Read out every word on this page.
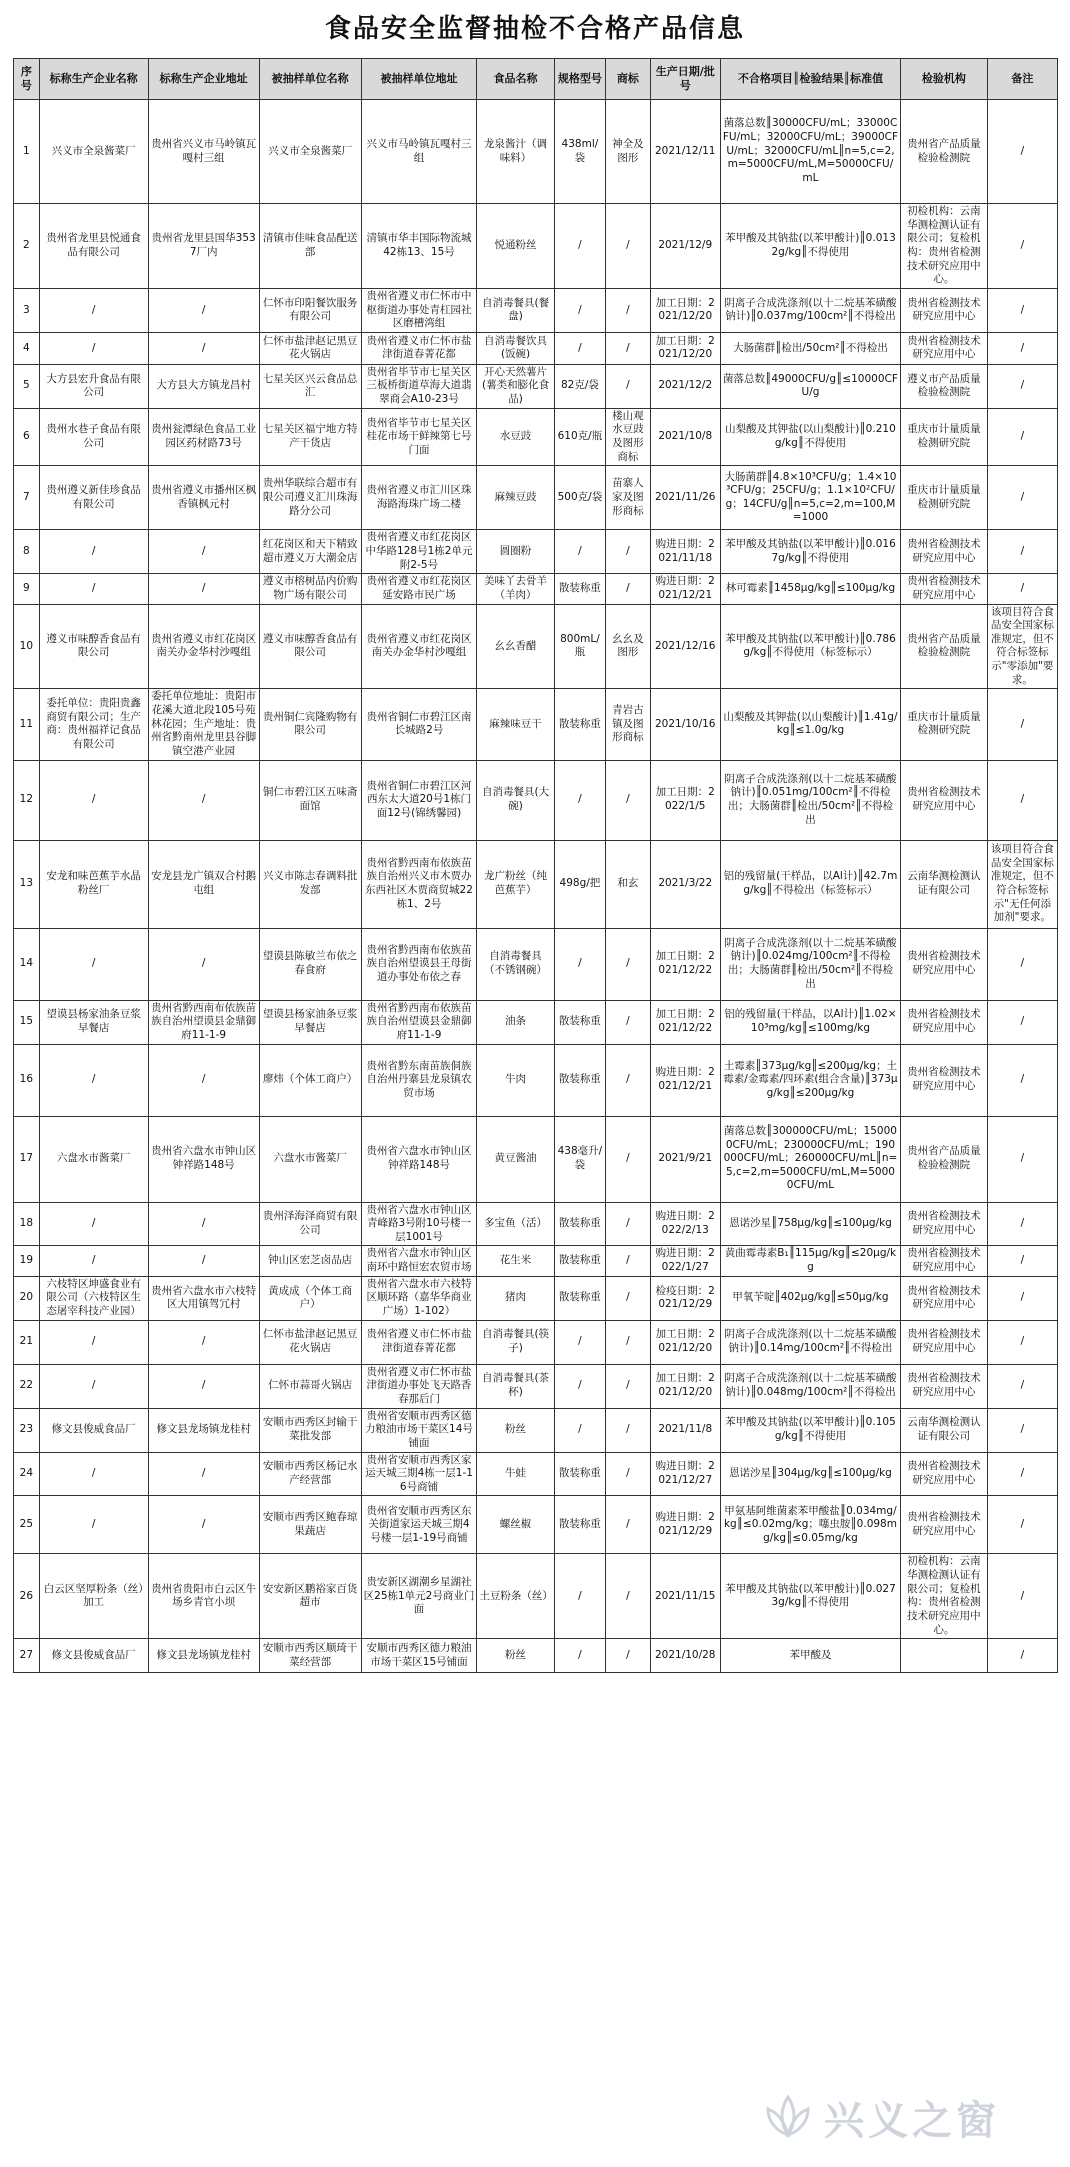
食品安全监督抽检不合格产品信息
序号	标称生产企业名称	标称生产企业地址	被抽样单位名称	被抽样单位地址	食品名称	规格型号	商标	生产日期/批号	不合格项目║检验结果║标准值	检验机构	备注
1	兴义市全泉酱菜厂	贵州省兴义市马岭镇瓦嘎村三组	兴义市全泉酱菜厂	兴义市马岭镇瓦嘎村三组	龙泉酱汁（调味料）	438ml/袋	神全及图形	2021/12/11	菌落总数║30000CFU/mL；33000CFU/mL；32000CFU/mL；39000CFU/mL；32000CFU/mL║n=5,c=2,m=5000CFU/mL,M=50000CFU/mL	贵州省产品质量检验检测院	/
2	贵州省龙里县悦通食品有限公司	贵州省龙里县国华3537厂内	清镇市佳味食品配送部	清镇市华丰国际物流城42栋13、15号	悦通粉丝	/	/	2021/12/9	苯甲酸及其钠盐(以苯甲酸计)║0.0132g/kg║不得使用	初检机构：云南华测检测认证有限公司；复检机构：贵州省检测技术研究应用中心。	/
3	/	/	仁怀市印阳餐饮服务有限公司	贵州省遵义市仁怀市中枢街道办事处青杠园社区磨槽湾组	自消毒餐具(餐盘)	/	/	加工日期：2021/12/20	阴离子合成洗涤剂(以十二烷基苯磺酸钠计)║0.037mg/100cm²║不得检出	贵州省检测技术研究应用中心	/
4	/	/	仁怀市盐津赵记黑豆花火锅店	贵州省遵义市仁怀市盐津街道春菁花都	自消毒餐饮具(饭碗)	/	/	加工日期：2021/12/20	大肠菌群║检出/50cm²║不得检出	贵州省检测技术研究应用中心	/
5	大方县宏升食品有限公司	大方县大方镇龙昌村	七星关区兴云食品总汇	贵州省毕节市七星关区三板桥街道草海大道翡翠商会A10-23号	开心天然薯片(薯类和膨化食品)	82克/袋	/	2021/12/2	菌落总数║49000CFU/g║≤10000CFU/g	遵义市产品质量检验检测院	/
6	贵州水巷子食品有限公司	贵州瓮潭绿色食品工业园区药材路73号	七星关区福宁地方特产干货店	贵州省毕节市七星关区桂花市场干鲜辣第七号门面	水豆豉	610克/瓶	楼山观水豆豉及图形商标	2021/10/8	山梨酸及其钾盐(以山梨酸计)║0.210g/kg║不得使用	重庆市计量质量检测研究院	/
7	贵州遵义新佳珍食品有限公司	贵州省遵义市播州区枫香镇枫元村	贵州华联综合超市有限公司遵义汇川珠海路分公司	贵州省遵义市汇川区珠海路海珠广场二楼	麻辣豆豉	500克/袋	苗寨人家及图形商标	2021/11/26	大肠菌群║4.8×10³CFU/g；1.4×10³CFU/g；25CFU/g；1.1×10²CFU/g；14CFU/g║n=5,c=2,m=100,M=1000	重庆市计量质量检测研究院	/
8	/	/	红花岗区和天下精致超市遵义万大潮金店	贵州省遵义市红花岗区中华路128号1栋2单元附2-5号	圆圈粉	/	/	购进日期：2021/11/18	苯甲酸及其钠盐(以苯甲酸计)║0.0167g/kg║不得使用	贵州省检测技术研究应用中心	/
9	/	/	遵义市榕树品内价购物广场有限公司	贵州省遵义市红花岗区延安路市民广场	美味丫去骨羊（羊肉）	散装称重	/	购进日期：2021/12/21	林可霉素║1458μg/kg║≤100μg/kg	贵州省检测技术研究应用中心	/
10	遵义市味醇香食品有限公司	贵州省遵义市红花岗区南关办金华村沙嘎组	遵义市味醇香食品有限公司	贵州省遵义市红花岗区南关办金华村沙嘎组	幺幺香醋	800mL/瓶	幺幺及图形	2021/12/16	苯甲酸及其钠盐(以苯甲酸计)║0.786g/kg║不得使用（标签标示）	贵州省产品质量检验检测院	该项目符合食品安全国家标准规定，但不符合标签标示"零添加"要求。
11	委托单位：贵阳贵鑫商贸有限公司；生产商：贵州福祥记食品有限公司	委托单位地址：贵阳市花溪大道北段105号苑林花园；生产地址：贵州省黔南州龙里县谷脚镇空港产业园	贵州铜仁宾隆购物有限公司	贵州省铜仁市碧江区南长城路2号	麻辣味豆干	散装称重	青岩古镇及图形商标	2021/10/16	山梨酸及其钾盐(以山梨酸计)║1.41g/kg║≤1.0g/kg	重庆市计量质量检测研究院	/
12	/	/	铜仁市碧江区五味斋面馆	贵州省铜仁市碧江区河西东太大道20号1栋门面12号(锦绣馨园)	自消毒餐具(大碗)	/	/	加工日期：2022/1/5	阴离子合成洗涤剂(以十二烷基苯磺酸钠计)║0.051mg/100cm²║不得检出；大肠菌群║检出/50cm²║不得检出	贵州省检测技术研究应用中心	/
13	安龙和味芭蕉芋水晶粉丝厂	安龙县龙广镇双合村鹅屯组	兴义市陈志春调料批发部	贵州省黔西南布依族苗族自治州兴义市木贾办东西社区木贾商贸城22栋1、2号	龙广粉丝（纯芭蕉芋）	498g/把	和玄	2021/3/22	铝的残留量(干样品，以Al计)║42.7mg/kg║不得检出（标签标示）	云南华测检测认证有限公司	该项目符合食品安全国家标准规定，但不符合标签标示"无任何添加剂"要求。
14	/	/	望谟县陈敏兰布依之春食府	贵州省黔西南布依族苗族自治州望谟县王母街道办事处布依之春	自消毒餐具（不锈钢碗）	/	/	加工日期：2021/12/22	阴离子合成洗涤剂(以十二烷基苯磺酸钠计)║0.024mg/100cm²║不得检出；大肠菌群║检出/50cm²║不得检出	贵州省检测技术研究应用中心	/
15	望谟县杨家油条豆浆早餐店	贵州省黔西南布依族苗族自治州望谟县金鼎御府11-1-9	望谟县杨家油条豆浆早餐店	贵州省黔西南布依族苗族自治州望谟县金鼎御府11-1-9	油条	散装称重	/	加工日期：2021/12/22	铝的残留量(干样品，以Al计)║1.02×10³mg/kg║≤100mg/kg	贵州省检测技术研究应用中心	/
16	/	/	廖炜（个体工商户）	贵州省黔东南苗族侗族自治州丹寨县龙泉镇农贸市场	牛肉	散装称重	/	购进日期：2021/12/21	土霉素║373μg/kg║≤200μg/kg；土霉素/金霉素/四环素(组合含量)║373μg/kg║≤200μg/kg	贵州省检测技术研究应用中心	/
17	六盘水市酱菜厂	贵州省六盘水市钟山区钟祥路148号	六盘水市酱菜厂	贵州省六盘水市钟山区钟祥路148号	黄豆酱油	438毫升/袋	/	2021/9/21	菌落总数║300000CFU/mL；150000CFU/mL；230000CFU/mL；190000CFU/mL；260000CFU/mL║n=5,c=2,m=5000CFU/mL,M=50000CFU/mL	贵州省产品质量检验检测院	/
18	/	/	贵州泽海泽商贸有限公司	贵州省六盘水市钟山区青峰路3号附10号楼一层1001号	多宝鱼（活）	散装称重	/	购进日期：2022/2/13	恩诺沙星║758μg/kg║≤100μg/kg	贵州省检测技术研究应用中心	/
19	/	/	钟山区宏芝卤品店	贵州省六盘水市钟山区南环中路恒宏农贸市场	花生米	散装称重	/	购进日期：2022/1/27	黄曲霉毒素B₁║115μg/kg║≤20μg/kg	贵州省检测技术研究应用中心	/
20	六枝特区坤盛食业有限公司（六枝特区生态屠宰科技产业园）	贵州省六盘水市六枝特区大用镇驾冗村	黄成成（个体工商户）	贵州省六盘水市六枝特区顺环路（嘉华华商业广场）1-102）	猪肉	散装称重	/	检疫日期：2021/12/29	甲氧苄啶║402μg/kg║≤50μg/kg	贵州省检测技术研究应用中心	/
21	/	/	仁怀市盐津赵记黑豆花火锅店	贵州省遵义市仁怀市盐津街道春菁花都	自消毒餐具(筷子)	/	/	加工日期：2021/12/20	阴离子合成洗涤剂(以十二烷基苯磺酸钠计)║0.14mg/100cm²║不得检出	贵州省检测技术研究应用中心	/
22	/	/	仁怀市蒜哥火锅店	贵州省遵义市仁怀市盐津街道办事处飞天路香春那后门	自消毒餐具(茶杯)	/	/	加工日期：2021/12/20	阴离子合成洗涤剂(以十二烷基苯磺酸钠计)║0.048mg/100cm²║不得检出	贵州省检测技术研究应用中心	/
23	修文县俊威食品厂	修文县龙场镇龙桂村	安顺市西秀区封输干菜批发部	贵州省安顺市西秀区德力粮油市场干菜区14号铺面	粉丝	/	/	2021/11/8	苯甲酸及其钠盐(以苯甲酸计)║0.105g/kg║不得使用	云南华测检测认证有限公司	/
24	/	/	安顺市西秀区杨记水产经营部	贵州省安顺市西秀区家运天城三期4栋一层1-16号商铺	牛蛙	散装称重	/	购进日期：2021/12/27	恩诺沙星║304μg/kg║≤100μg/kg	贵州省检测技术研究应用中心	/
25	/	/	安顺市西秀区鲍春琼果蔬店	贵州省安顺市西秀区东关街道家运天城三期4号楼一层1-19号商铺	螺丝椒	散装称重	/	购进日期：2021/12/29	甲氨基阿维菌素苯甲酸盐║0.034mg/kg║≤0.02mg/kg；噻虫胺║0.098mg/kg║≤0.05mg/kg	贵州省检测技术研究应用中心	/
26	白云区坚厚粉条（丝）加工	贵州省贵阳市白云区牛场乡青官小坝	安安新区鹏裕家百货超市	贵安新区湖潮乡星湖社区25栋1单元2号商业门面	土豆粉条（丝）	/	/	2021/11/15	苯甲酸及其钠盐(以苯甲酸计)║0.0273g/kg║不得使用	初检机构：云南华测检测认证有限公司；复检机构：贵州省检测技术研究应用中心。	/
27	修文县俊威食品厂	修文县龙场镇龙桂村	安顺市西秀区顺琦干菜经营部	安顺市西秀区德力粮油市场干菜区15号铺面	粉丝	/	/	2021/10/28	苯甲酸及		/
兴义之窗
